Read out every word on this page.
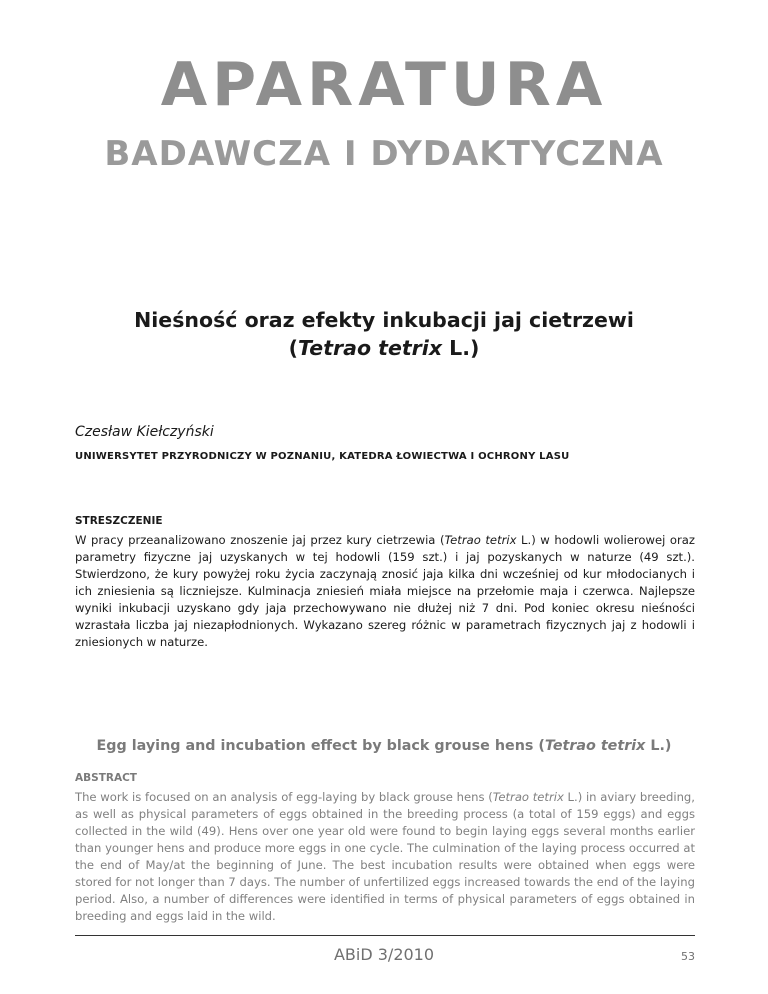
APARATURA
BADAWCZA I DYDAKTYCZNA
Nieśność oraz efekty inkubacji jaj cietrzewi
(Tetrao tetrix L.)
Czesław Kiełczyński
UNIWERSYTET PRZYRODNICZY W POZNANIU, KATEDRA ŁOWIECTWA I OCHRONY LASU
STRESZCZENIE
W pracy przeanalizowano znoszenie jaj przez kury cietrzewia (Tetrao tetrix L.) w hodowli wolierowej oraz parametry fizyczne jaj uzyskanych w tej hodowli (159 szt.) i jaj pozyskanych w naturze (49 szt.). Stwierdzono, że kury powyżej roku życia zaczynają znosić jaja kilka dni wcześniej od kur młodocianych i ich zniesienia są liczniejsze. Kulminacja zniesień miała miejsce na przełomie maja i czerwca. Najlepsze wyniki inkubacji uzyskano gdy jaja przechowywano nie dłużej niż 7 dni. Pod koniec okresu nieśności wzrastała liczba jaj niezapłodnionych. Wykazano szereg różnic w parametrach fizycznych jaj z hodowli i zniesionych w naturze.
Egg laying and incubation effect by black grouse hens (Tetrao tetrix L.)
ABSTRACT
The work is focused on an analysis of egg-laying by black grouse hens (Tetrao tetrix L.) in aviary breeding, as well as physical parameters of eggs obtained in the breeding process (a total of 159 eggs) and eggs collected in the wild (49). Hens over one year old were found to begin laying eggs several months earlier than younger hens and produce more eggs in one cycle. The culmination of the laying process occurred at the end of May/at the beginning of June. The best incubation results were obtained when eggs were stored for not longer than 7 days. The number of unfertilized eggs increased towards the end of the laying period. Also, a number of differences were identified in terms of physical parameters of eggs obtained in breeding and eggs laid in the wild.
ABiD 3/2010	53
